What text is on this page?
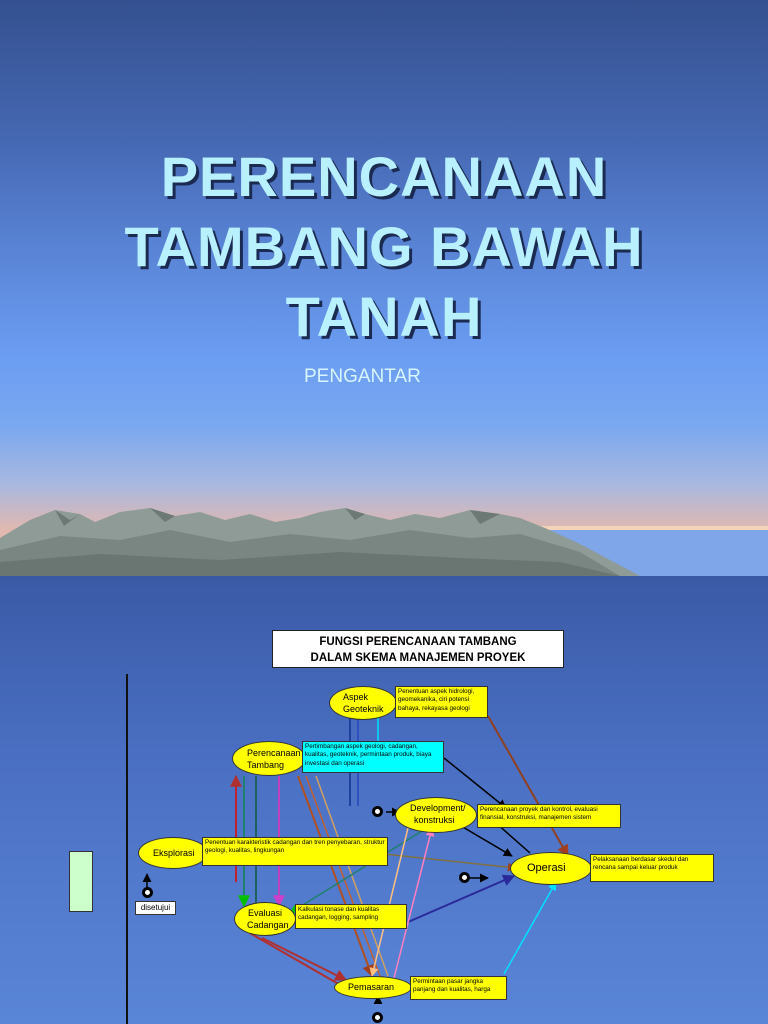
PERENCANAAN
TAMBANG BAWAH
TANAH
PENGANTAR
FUNGSI PERENCANAAN TAMBANG
DALAM SKEMA MANAJEMEN PROYEK
Aspek
Geoteknik
Perencanaan
Tambang
Development/
konstruksi
Eksplorasi
Operasi
Evaluasi
Cadangan
Pemasaran
Penentuan aspek hidrologi, geomekanika, ciri potensi bahaya, rekayasa geologi
Pertimbangan aspek geologi, cadangan, kualitas, geoteknik, permintaan produk, biaya investasi dan operasi
Perencanaan proyek dan kontrol, evaluasi finansial, konstruksi, manajemen sistem
Penentuan karakteristik cadangan dan tren penyebaran, struktur geologi, kualitas, lingkungan
Pelaksanaan berdasar skedul dan rencana sampai keluar produk
Kalkulasi tonase dan kualitas cadangan, logging, sampling
Permintaan pasar jangka panjang dan kualitas, harga
disetujui
